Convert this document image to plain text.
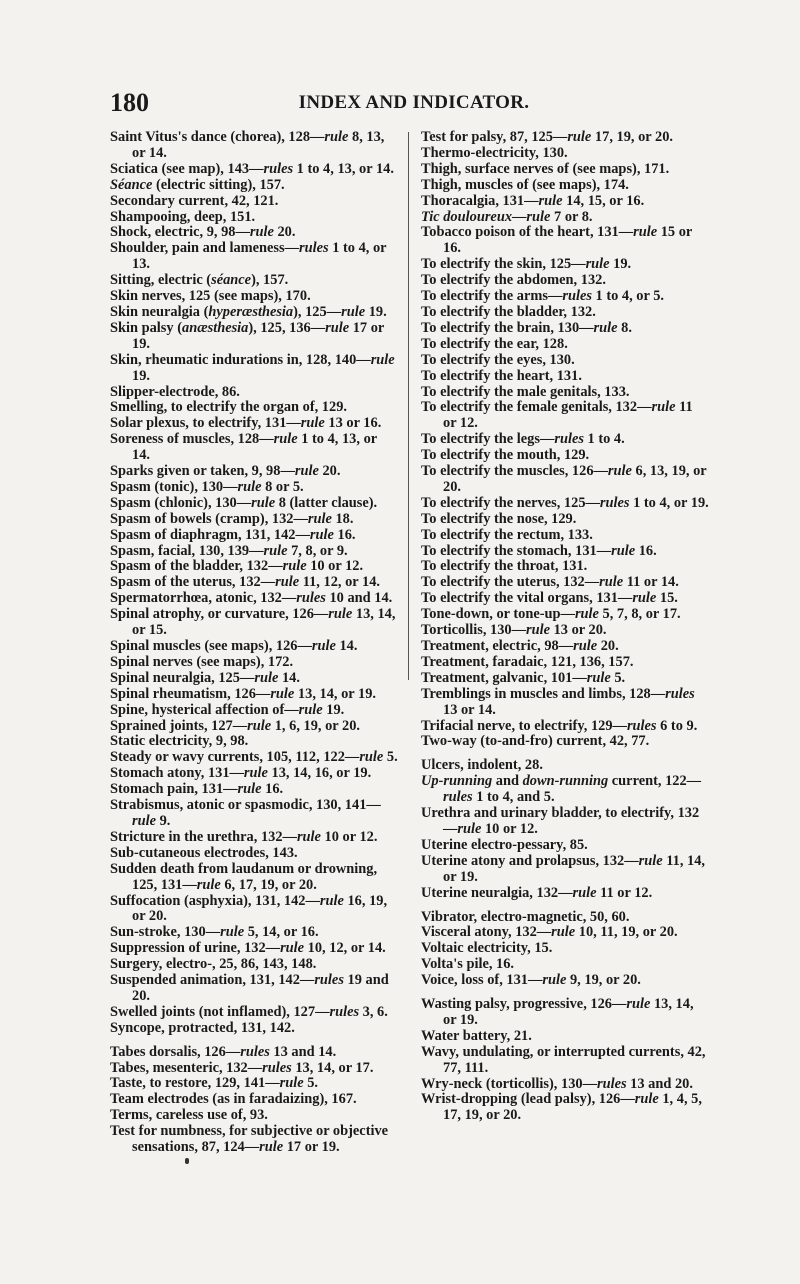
180	INDEX AND INDICATOR.
Saint Vitus's dance (chorea), 128—rule 8, 13, or 14.
Sciatica (see map), 143—rules 1 to 4, 13, or 14.
Séance (electric sitting), 157.
Secondary current, 42, 121.
Shampooing, deep, 151.
Shock, electric, 9, 98—rule 20.
Shoulder, pain and lameness—rules 1 to 4, or 13.
Sitting, electric (séance), 157.
Skin nerves, 125 (see maps), 170.
Skin neuralgia (hyperæsthesia), 125—rule 19.
Skin palsy (anæsthesia), 125, 136—rule 17 or 19.
Skin, rheumatic indurations in, 128, 140—rule 19.
Slipper-electrode, 86.
Smelling, to electrify the organ of, 129.
Solar plexus, to electrify, 131—rule 13 or 16.
Soreness of muscles, 128—rule 1 to 4, 13, or 14.
Sparks given or taken, 9, 98—rule 20.
Spasm (tonic), 130—rule 8 or 5.
Spasm (chlonic), 130—rule 8 (latter clause).
Spasm of bowels (cramp), 132—rule 18.
Spasm of diaphragm, 131, 142—rule 16.
Spasm, facial, 130, 139—rule 7, 8, or 9.
Spasm of the bladder, 132—rule 10 or 12.
Spasm of the uterus, 132—rule 11, 12, or 14.
Spermatorrhœa, atonic, 132—rules 10 and 14.
Spinal atrophy, or curvature, 126—rule 13, 14, or 15.
Spinal muscles (see maps), 126—rule 14.
Spinal nerves (see maps), 172.
Spinal neuralgia, 125—rule 14.
Spinal rheumatism, 126—rule 13, 14, or 19.
Spine, hysterical affection of—rule 19.
Sprained joints, 127—rule 1, 6, 19, or 20.
Static electricity, 9, 98.
Steady or wavy currents, 105, 112, 122—rule 5.
Stomach atony, 131—rule 13, 14, 16, or 19.
Stomach pain, 131—rule 16.
Strabismus, atonic or spasmodic, 130, 141—rule 9.
Stricture in the urethra, 132—rule 10 or 12.
Sub-cutaneous electrodes, 143.
Sudden death from laudanum or drowning, 125, 131—rule 6, 17, 19, or 20.
Suffocation (asphyxia), 131, 142—rule 16, 19, or 20.
Sun-stroke, 130—rule 5, 14, or 16.
Suppression of urine, 132—rule 10, 12, or 14.
Surgery, electro-, 25, 86, 143, 148.
Suspended animation, 131, 142—rules 19 and 20.
Swelled joints (not inflamed), 127—rules 3, 6.
Syncope, protracted, 131, 142.
Tabes dorsalis, 126—rules 13 and 14.
Tabes, mesenteric, 132—rules 13, 14, or 17.
Taste, to restore, 129, 141—rule 5.
Team electrodes (as in faradaizing), 167.
Terms, careless use of, 93.
Test for numbness, for subjective or objective sensations, 87, 124—rule 17 or 19.
Test for palsy, 87, 125—rule 17, 19, or 20.
Thermo-electricity, 130.
Thigh, surface nerves of (see maps), 171.
Thigh, muscles of (see maps), 174.
Thoracalgia, 131—rule 14, 15, or 16.
Tic douloureux—rule 7 or 8.
Tobacco poison of the heart, 131—rule 15 or 16.
To electrify the skin, 125—rule 19.
To electrify the abdomen, 132.
To electrify the arms—rules 1 to 4, or 5.
To electrify the bladder, 132.
To electrify the brain, 130—rule 8.
To electrify the ear, 128.
To electrify the eyes, 130.
To electrify the heart, 131.
To electrify the male genitals, 133.
To electrify the female genitals, 132—rule 11 or 12.
To electrify the legs—rules 1 to 4.
To electrify the mouth, 129.
To electrify the muscles, 126—rule 6, 13, 19, or 20.
To electrify the nerves, 125—rules 1 to 4, or 19.
To electrify the nose, 129.
To electrify the rectum, 133.
To electrify the stomach, 131—rule 16.
To electrify the throat, 131.
To electrify the uterus, 132—rule 11 or 14.
To electrify the vital organs, 131—rule 15.
Tone-down, or tone-up—rule 5, 7, 8, or 17.
Torticollis, 130—rule 13 or 20.
Treatment, electric, 98—rule 20.
Treatment, faradaic, 121, 136, 157.
Treatment, galvanic, 101—rule 5.
Tremblings in muscles and limbs, 128—rules 13 or 14.
Trifacial nerve, to electrify, 129—rules 6 to 9.
Two-way (to-and-fro) current, 42, 77.
Ulcers, indolent, 28.
Up-running and down-running current, 122—rules 1 to 4, and 5.
Urethra and urinary bladder, to electrify, 132—rule 10 or 12.
Uterine electro-pessary, 85.
Uterine atony and prolapsus, 132—rule 11, 14, or 19.
Uterine neuralgia, 132—rule 11 or 12.
Vibrator, electro-magnetic, 50, 60.
Visceral atony, 132—rule 10, 11, 19, or 20.
Voltaic electricity, 15.
Volta's pile, 16.
Voice, loss of, 131—rule 9, 19, or 20.
Wasting palsy, progressive, 126—rule 13, 14, or 19.
Water battery, 21.
Wavy, undulating, or interrupted currents, 42, 77, 111.
Wry-neck (torticollis), 130—rules 13 and 20.
Wrist-dropping (lead palsy), 126—rule 1, 4, 5, 17, 19, or 20.
